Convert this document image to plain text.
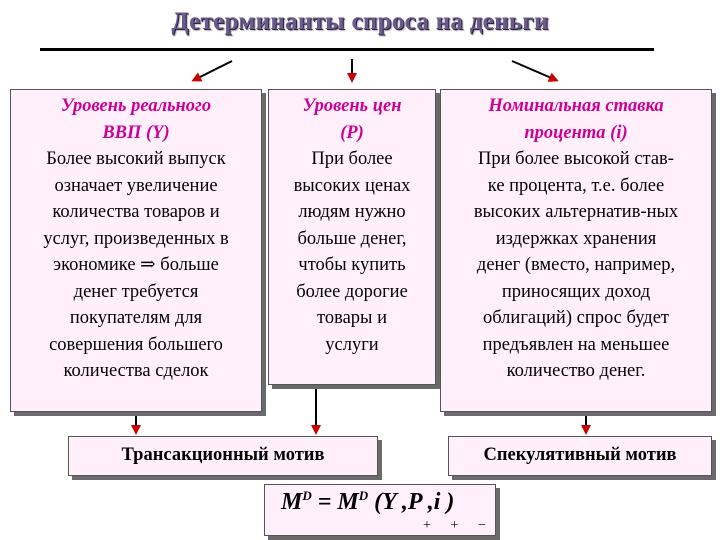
Детерминанты спроса на деньги
Уровень реального
ВВП (Y)
Более высокий выпуск
означает увеличение
количества товаров и
услуг, произведенных в
экономике ⇒ больше
денег требуется
покупателям для
совершения большего
количества сделок
Уровень цен
(P)
При более
высоких ценах
людям нужно
больше денег,
чтобы купить
более дорогие
товары и
услуги
Номинальная ставка
процента (i)
При более высокой став-
ке процента, т.е. более
высоких альтернатив-ных
издержках хранения
денег (вместо, например,
приносящих доход
облигаций) спрос будет
предъявлен на меньшее
количество денег.
Трансакционный мотив	Спекулятивный мотив
$M^D = M^D$ (Y ,P ,i )
+ + −
